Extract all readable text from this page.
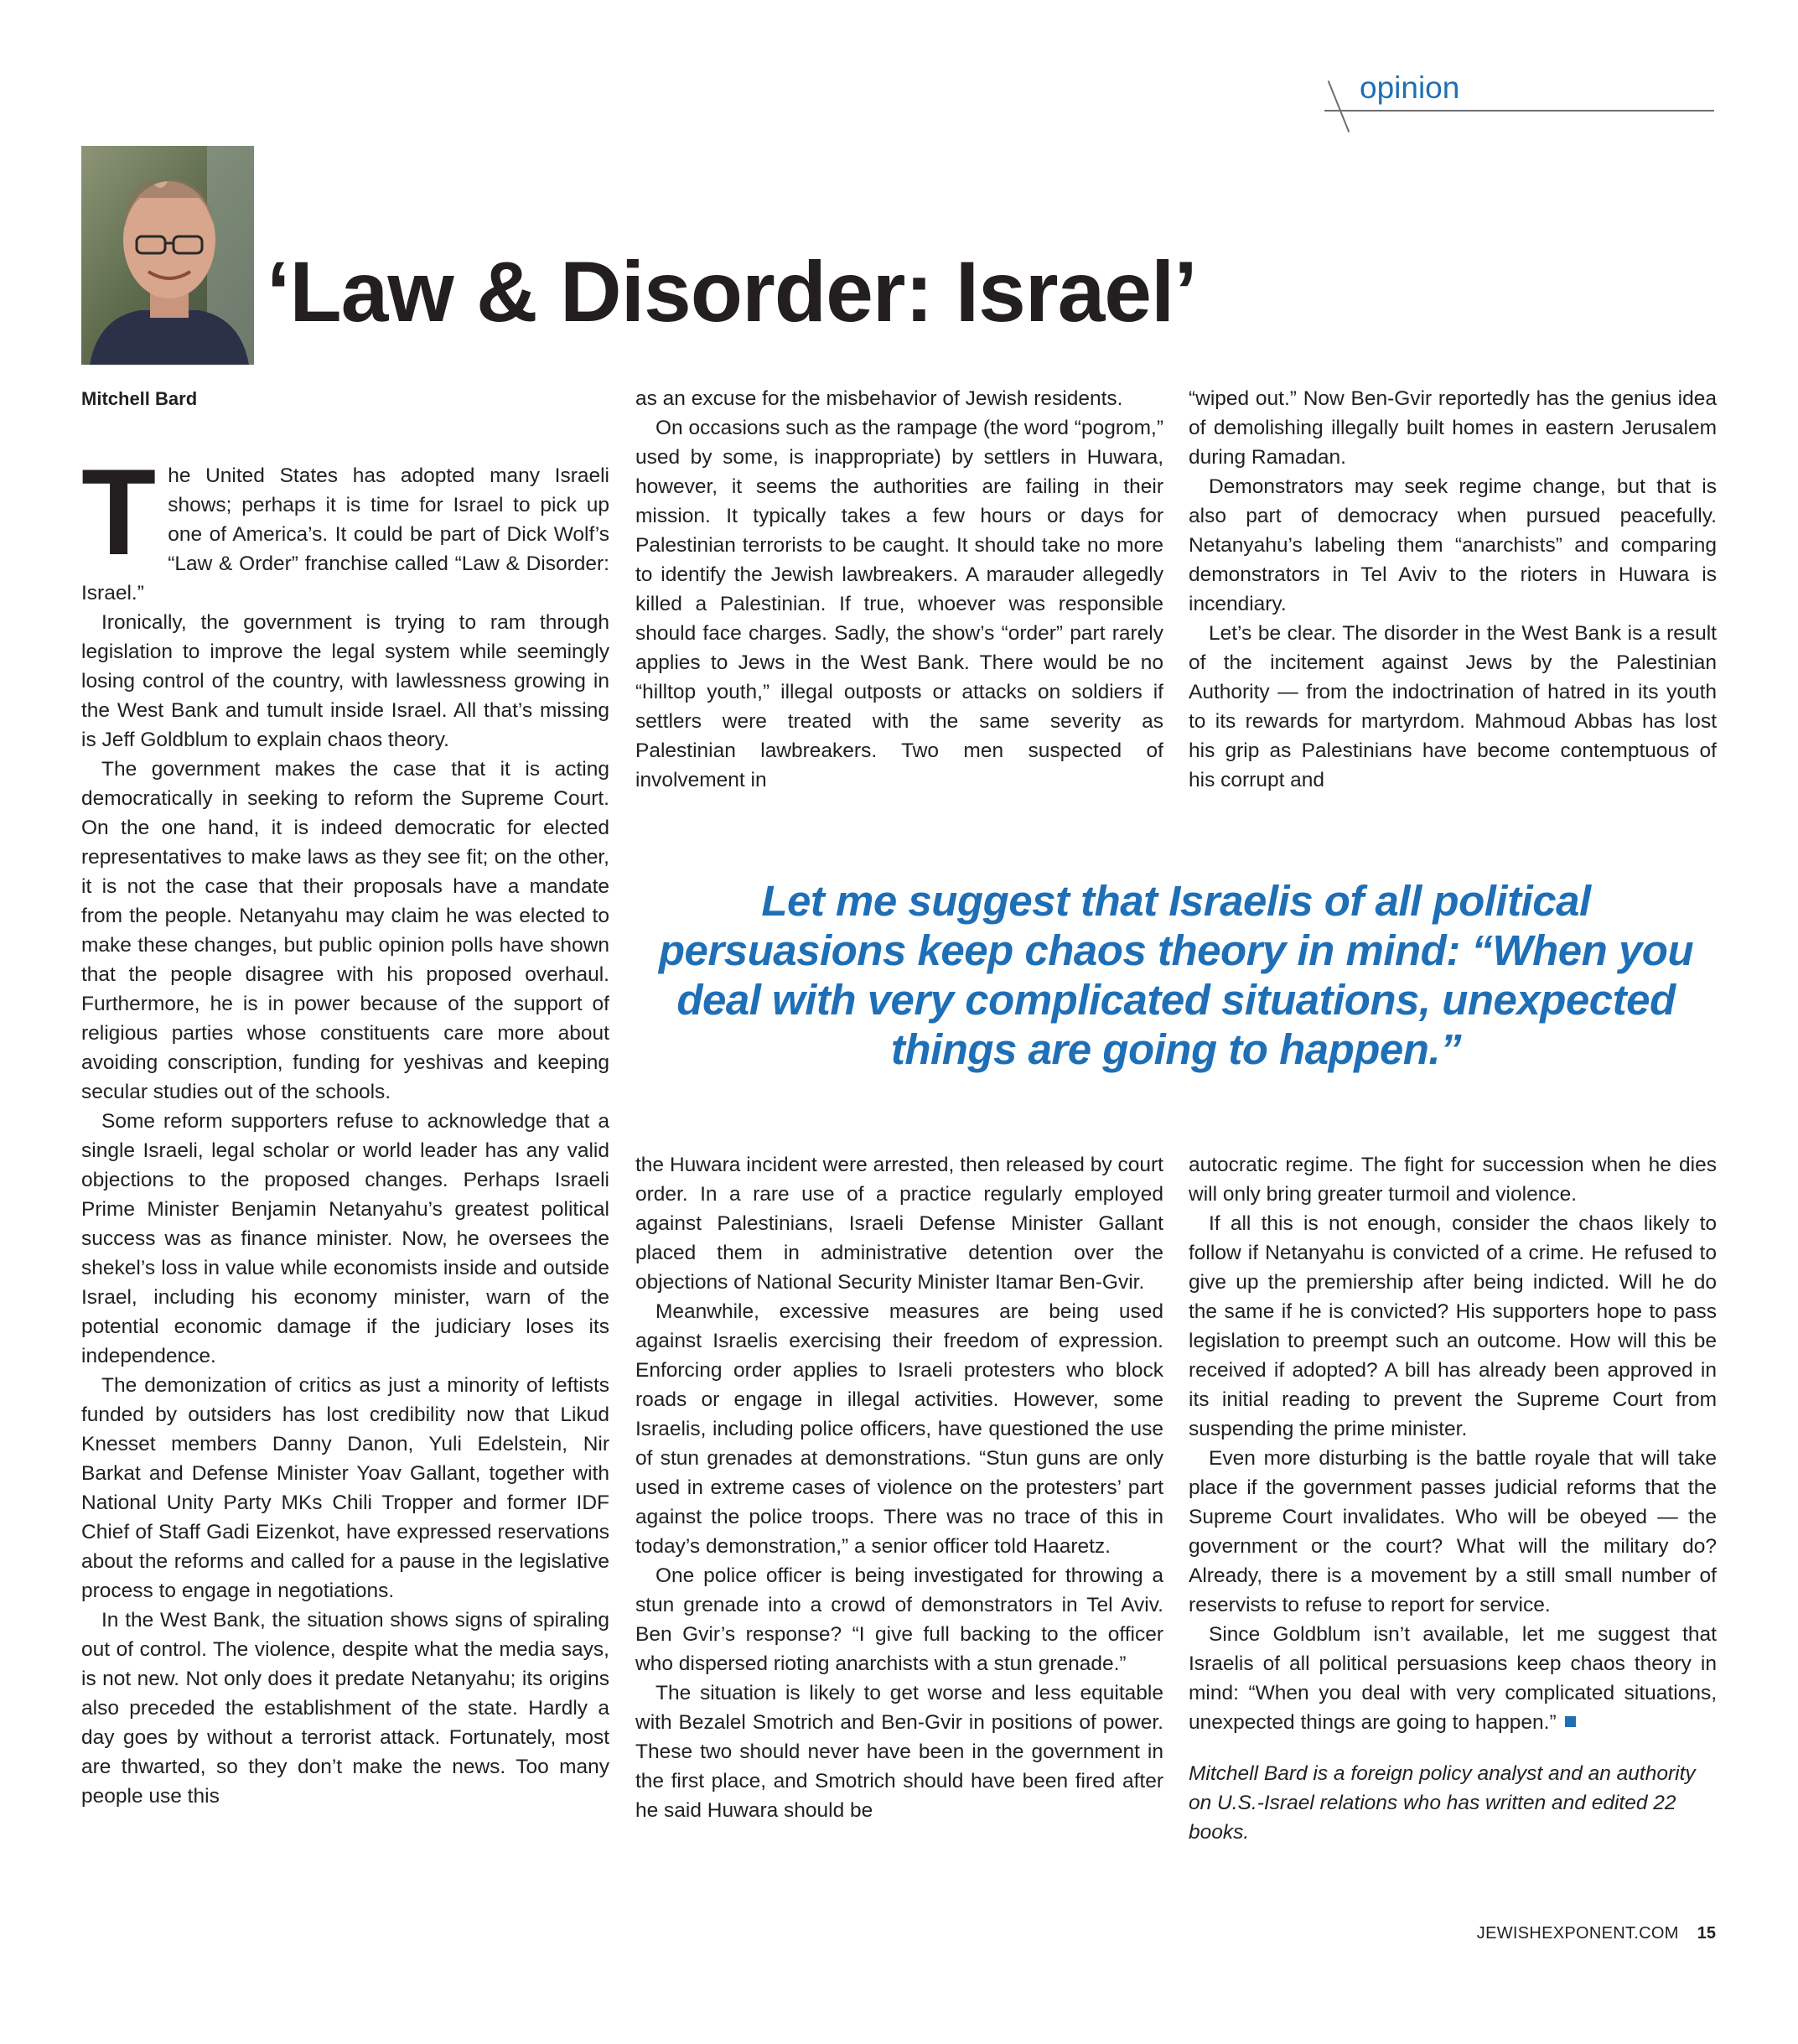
opinion
‘Law & Disorder: Israel’
Mitchell Bard

The United States has adopted many Israeli shows; perhaps it is time for Israel to pick up one of America’s. It could be part of Dick Wolf’s “Law & Order” franchise called “Law & Disorder: Israel.”

Ironically, the government is trying to ram through legislation to improve the legal system while seemingly losing control of the country, with lawlessness growing in the West Bank and tumult inside Israel. All that’s missing is Jeff Goldblum to explain chaos theory.

The government makes the case that it is acting democratically in seeking to reform the Supreme Court. On the one hand, it is indeed democratic for elected representatives to make laws as they see fit; on the other, it is not the case that their proposals have a mandate from the people. Netanyahu may claim he was elected to make these changes, but public opinion polls have shown that the people disagree with his proposed overhaul. Furthermore, he is in power because of the support of religious parties whose constituents care more about avoiding conscription, funding for yeshivas and keeping secular studies out of the schools.

Some reform supporters refuse to acknowledge that a single Israeli, legal scholar or world leader has any valid objections to the proposed changes. Perhaps Israeli Prime Minister Benjamin Netanyahu’s greatest political success was as finance minister. Now, he oversees the shekel’s loss in value while economists inside and outside Israel, including his economy minister, warn of the potential economic damage if the judiciary loses its independence.

The demonization of critics as just a minority of leftists funded by outsiders has lost credibility now that Likud Knesset members Danny Danon, Yuli Edelstein, Nir Barkat and Defense Minister Yoav Gallant, together with National Unity Party MKs Chili Tropper and former IDF Chief of Staff Gadi Eizenkot, have expressed reservations about the reforms and called for a pause in the legislative process to engage in negotiations.

In the West Bank, the situation shows signs of spiraling out of control. The violence, despite what the media says, is not new. Not only does it predate Netanyahu; its origins also preceded the establishment of the state. Hardly a day goes by without a terrorist attack. Fortunately, most are thwarted, so they don’t make the news. Too many people use this

as an excuse for the misbehavior of Jewish residents.

On occasions such as the rampage (the word “pogrom,” used by some, is inappropriate) by settlers in Huwara, however, it seems the authorities are failing in their mission. It typically takes a few hours or days for Palestinian terrorists to be caught. It should take no more to identify the Jewish lawbreakers. A marauder allegedly killed a Palestinian. If true, whoever was responsible should face charges. Sadly, the show’s “order” part rarely applies to Jews in the West Bank. There would be no “hilltop youth,” illegal outposts or attacks on soldiers if settlers were treated with the same severity as Palestinian lawbreakers. Two men suspected of involvement in

“wiped out.” Now Ben-Gvir reportedly has the genius idea of demolishing illegally built homes in eastern Jerusalem during Ramadan.

Demonstrators may seek regime change, but that is also part of democracy when pursued peacefully. Netanyahu’s labeling them “anarchists” and comparing demonstrators in Tel Aviv to the rioters in Huwara is incendiary.

Let’s be clear. The disorder in the West Bank is a result of the incitement against Jews by the Palestinian Authority — from the indoctrination of hatred in its youth to its rewards for martyrdom. Mahmoud Abbas has lost his grip as Palestinians have become contemptuous of his corrupt and

Let me suggest that Israelis of all political persuasions keep chaos theory in mind: “When you deal with very complicated situations, unexpected things are going to happen.”

the Huwara incident were arrested, then released by court order. In a rare use of a practice regularly employed against Palestinians, Israeli Defense Minister Gallant placed them in administrative detention over the objections of National Security Minister Itamar Ben-Gvir.

Meanwhile, excessive measures are being used against Israelis exercising their freedom of expression. Enforcing order applies to Israeli protesters who block roads or engage in illegal activities. However, some Israelis, including police officers, have questioned the use of stun grenades at demonstrations. “Stun guns are only used in extreme cases of violence on the protesters’ part against the police troops. There was no trace of this in today’s demonstration,” a senior officer told Haaretz.

One police officer is being investigated for throwing a stun grenade into a crowd of demonstrators in Tel Aviv. Ben Gvir’s response? “I give full backing to the officer who dispersed rioting anarchists with a stun grenade.”

The situation is likely to get worse and less equitable with Bezalel Smotrich and Ben-Gvir in positions of power. These two should never have been in the government in the first place, and Smotrich should have been fired after he said Huwara should be

autocratic regime. The fight for succession when he dies will only bring greater turmoil and violence.

If all this is not enough, consider the chaos likely to follow if Netanyahu is convicted of a crime. He refused to give up the premiership after being indicted. Will he do the same if he is convicted? His supporters hope to pass legislation to preempt such an outcome. How will this be received if adopted? A bill has already been approved in its initial reading to prevent the Supreme Court from suspending the prime minister.

Even more disturbing is the battle royale that will take place if the government passes judicial reforms that the Supreme Court invalidates. Who will be obeyed — the government or the court? What will the military do? Already, there is a movement by a still small number of reservists to refuse to report for service.

Since Goldblum isn’t available, let me suggest that Israelis of all political persuasions keep chaos theory in mind: “When you deal with very complicated situations, unexpected things are going to happen.”

Mitchell Bard is a foreign policy analyst and an authority on U.S.-Israel relations who has written and edited 22 books.

JEWISHEXPONENT.COM 15
